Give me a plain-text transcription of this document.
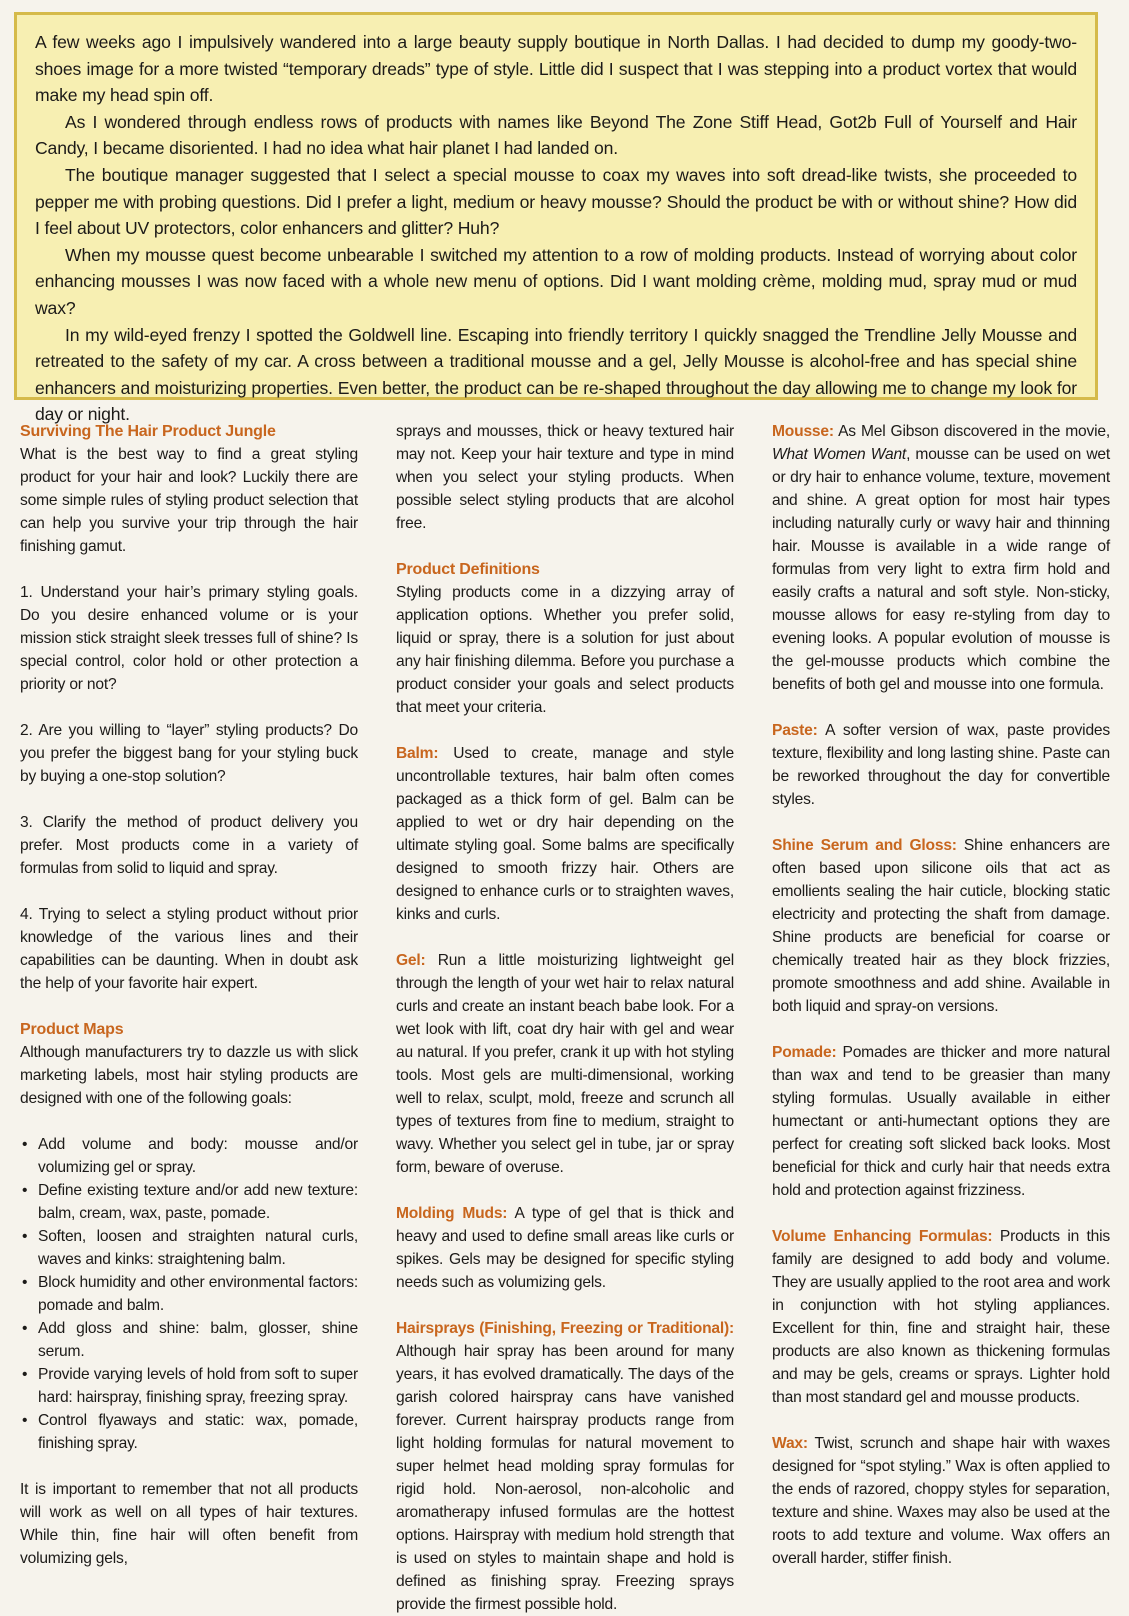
A few weeks ago I impulsively wandered into a large beauty supply boutique in North Dallas. I had decided to dump my goody-two-shoes image for a more twisted “temporary dreads” type of style. Little did I suspect that I was stepping into a product vortex that would make my head spin off.

As I wondered through endless rows of products with names like Beyond The Zone Stiff Head, Got2b Full of Yourself and Hair Candy, I became disoriented. I had no idea what hair planet I had landed on.

The boutique manager suggested that I select a special mousse to coax my waves into soft dread-like twists, she proceeded to pepper me with probing questions. Did I prefer a light, medium or heavy mousse? Should the product be with or without shine? How did I feel about UV protectors, color enhancers and glitter? Huh?

When my mousse quest become unbearable I switched my attention to a row of molding products. Instead of worrying about color enhancing mousses I was now faced with a whole new menu of options. Did I want molding crème, molding mud, spray mud or mud wax?

In my wild-eyed frenzy I spotted the Goldwell line. Escaping into friendly territory I quickly snagged the Trendline Jelly Mousse and retreated to the safety of my car. A cross between a traditional mousse and a gel, Jelly Mousse is alcohol-free and has special shine enhancers and moisturizing properties. Even better, the product can be re-shaped throughout the day allowing me to change my look for day or night.

Surviving The Hair Product Jungle

What is the best way to find a great styling product for your hair and look? Luckily there are some simple rules of styling product selection that can help you survive your trip through the hair finishing gamut.

1. Understand your hair’s primary styling goals. Do you desire enhanced volume or is your mission stick straight sleek tresses full of shine? Is special control, color hold or other protection a priority or not?

2. Are you willing to “layer” styling products? Do you prefer the biggest bang for your styling buck by buying a one-stop solution?

3. Clarify the method of product delivery you prefer. Most products come in a variety of formulas from solid to liquid and spray.

4. Trying to select a styling product without prior knowledge of the various lines and their capabilities can be daunting. When in doubt ask the help of your favorite hair expert.

Product Maps

Although manufacturers try to dazzle us with slick marketing labels, most hair styling products are designed with one of the following goals:

• Add volume and body: mousse and/or volumizing gel or spray.
• Define existing texture and/or add new texture: balm, cream, wax, paste, pomade.
• Soften, loosen and straighten natural curls, waves and kinks: straightening balm.
• Block humidity and other environmental factors: pomade and balm.
• Add gloss and shine: balm, glosser, shine serum.
• Provide varying levels of hold from soft to super hard: hairspray, finishing spray, freezing spray.
• Control flyaways and static: wax, pomade, finishing spray.

It is important to remember that not all products will work as well on all types of hair textures. While thin, fine hair will often benefit from volumizing gels,

sprays and mousses, thick or heavy textured hair may not. Keep your hair texture and type in mind when you select your styling products. When possible select styling products that are alcohol free.

Product Definitions

Styling products come in a dizzying array of application options. Whether you prefer solid, liquid or spray, there is a solution for just about any hair finishing dilemma. Before you purchase a product consider your goals and select products that meet your criteria.

Balm: Used to create, manage and style uncontrollable textures, hair balm often comes packaged as a thick form of gel. Balm can be applied to wet or dry hair depending on the ultimate styling goal. Some balms are specifically designed to smooth frizzy hair. Others are designed to enhance curls or to straighten waves, kinks and curls.

Gel: Run a little moisturizing lightweight gel through the length of your wet hair to relax natural curls and create an instant beach babe look. For a wet look with lift, coat dry hair with gel and wear au natural. If you prefer, crank it up with hot styling tools. Most gels are multi-dimensional, working well to relax, sculpt, mold, freeze and scrunch all types of textures from fine to medium, straight to wavy. Whether you select gel in tube, jar or spray form, beware of overuse.

Molding Muds: A type of gel that is thick and heavy and used to define small areas like curls or spikes. Gels may be designed for specific styling needs such as volumizing gels.

Hairsprays (Finishing, Freezing or Traditional): Although hair spray has been around for many years, it has evolved dramatically. The days of the garish colored hairspray cans have vanished forever. Current hairspray products range from light holding formulas for natural movement to super helmet head molding spray formulas for rigid hold. Non-aerosol, non-alcoholic and aromatherapy infused formulas are the hottest options. Hairspray with medium hold strength that is used on styles to maintain shape and hold is defined as finishing spray. Freezing sprays provide the firmest possible hold.

Mousse: As Mel Gibson discovered in the movie, What Women Want, mousse can be used on wet or dry hair to enhance volume, texture, movement and shine. A great option for most hair types including naturally curly or wavy hair and thinning hair. Mousse is available in a wide range of formulas from very light to extra firm hold and easily crafts a natural and soft style. Non-sticky, mousse allows for easy re-styling from day to evening looks. A popular evolution of mousse is the gel-mousse products which combine the benefits of both gel and mousse into one formula.

Paste: A softer version of wax, paste provides texture, flexibility and long lasting shine. Paste can be reworked throughout the day for convertible styles.

Shine Serum and Gloss: Shine enhancers are often based upon silicone oils that act as emollients sealing the hair cuticle, blocking static electricity and protecting the shaft from damage. Shine products are beneficial for coarse or chemically treated hair as they block frizzies, promote smoothness and add shine. Available in both liquid and spray-on versions.

Pomade: Pomades are thicker and more natural than wax and tend to be greasier than many styling formulas. Usually available in either humectant or anti-humectant options they are perfect for creating soft slicked back looks. Most beneficial for thick and curly hair that needs extra hold and protection against frizziness.

Volume Enhancing Formulas: Products in this family are designed to add body and volume. They are usually applied to the root area and work in conjunction with hot styling appliances. Excellent for thin, fine and straight hair, these products are also known as thickening formulas and may be gels, creams or sprays. Lighter hold than most standard gel and mousse products.

Wax: Twist, scrunch and shape hair with waxes designed for “spot styling.” Wax is often applied to the ends of razored, choppy styles for separation, texture and shine. Waxes may also be used at the roots to add texture and volume. Wax offers an overall harder, stiffer finish.
